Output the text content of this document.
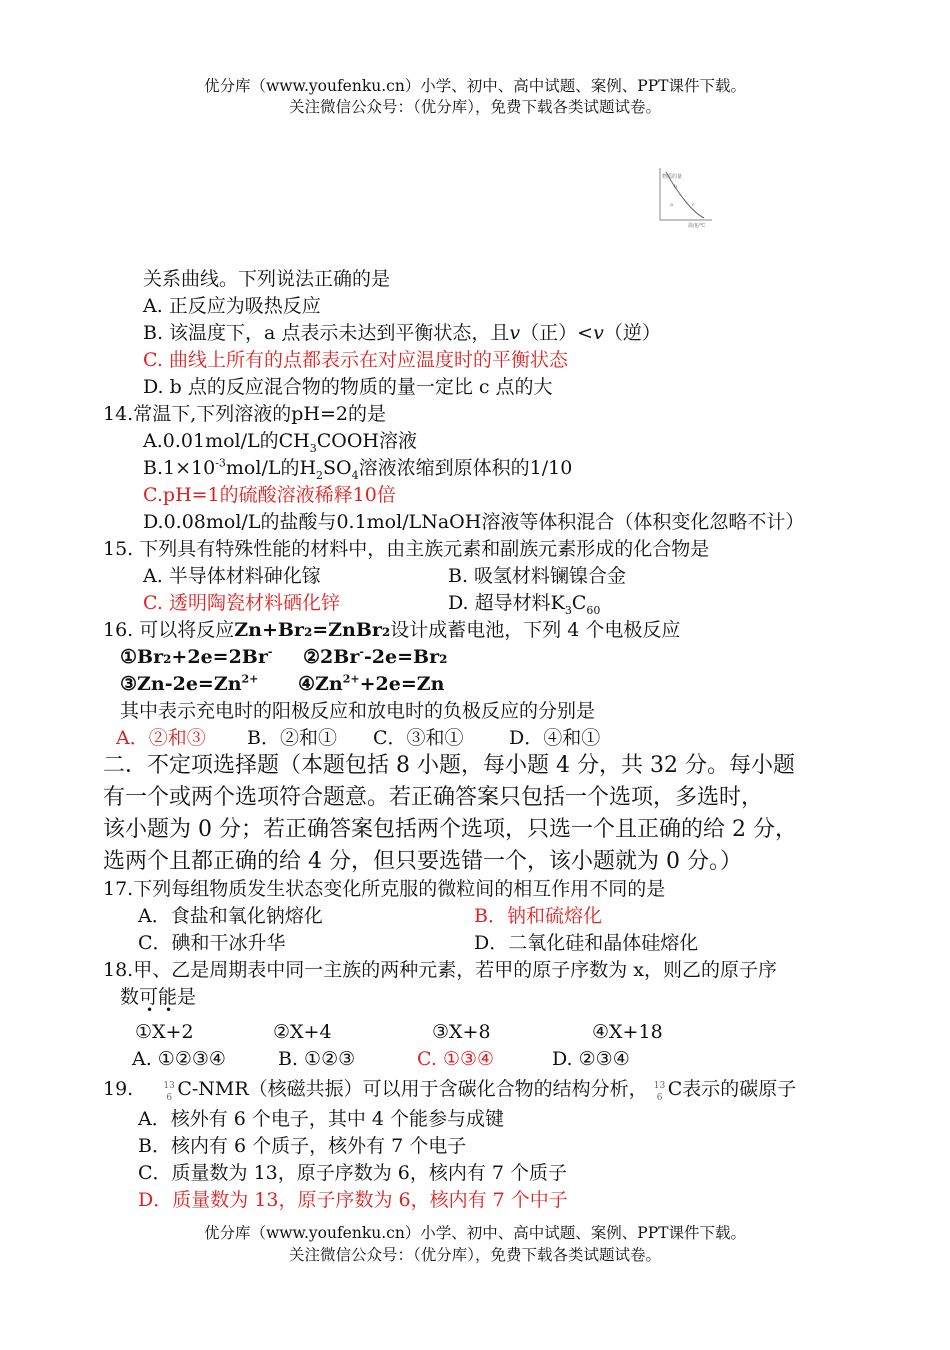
优分库（www.youfenku.cn）小学、初中、高中试题、案例、PPT课件下载。
关注微信公众号：（优分库），免费下载各类试题试卷。
物质的量
温度/℃
b
c
a
关系曲线。下列说法正确的是
A. 正反应为吸热反应
B. 该温度下，a 点表示未达到平衡状态，且v（正）<v（逆）
C. 曲线上所有的点都表示在对应温度时的平衡状态
D. b 点的反应混合物的物质的量一定比 c 点的大
14.常温下,下列溶液的pH=2的是
A.0.01mol/L的$CH_3COOH$溶液
$B.1\times 10^{-3}mol/L$的$H_2SO_4$溶液浓缩到原体积的1/10
C.pH=1的硫酸溶液稀释10倍
D.0.08mol/L的盐酸与0.1mol/LNaOH溶液等体积混合（体积变化忽略不计）
15. 下列具有特殊性能的材料中，由主族元素和副族元素形成的化合物是
A. 半导体材料砷化镓	B. 吸氢材料镧镍合金
C. 透明陶瓷材料硒化锌	D. 超导材料$K_3C_{60}$
16. 可以将反应Zn+Br₂=ZnBr₂设计成蓄电池，下列 4 个电极反应
①Br₂+2e=2Br- ②2Br--2e=Br₂
③Zn-$2e=Zn^{2+}$ $④Zn^{2+}+2e=Zn$
其中表示充电时的阳极反应和放电时的负极反应的分别是
A．②和③ B．②和① C．③和① D．④和①
二．不定项选择题（本题包括 8 小题，每小题 4 分，共 32 分。每小题
有一个或两个选项符合题意。若正确答案只包括一个选项，多选时，
该小题为 0 分；若正确答案包括两个选项，只选一个且正确的给 2 分，
选两个且都正确的给 4 分，但只要选错一个，该小题就为 0 分。）
17.下列每组物质发生状态变化所克服的微粒间的相互作用不同的是
A．食盐和氧化钠熔化	B．钠和硫熔化
C．碘和干冰升华	D．二氧化硅和晶体硅熔化
18.甲、乙是周期表中同一主族的两种元素，若甲的原子序数为 x，则乙的原子序
数可能是
①X+2	②X+4	③X+8	④X+18
A. ①②③④	B. ①②③	C. ①③④	D. ②③④
19.	13
6 C-NMR（核磁共振）可以用于含碳化合物的结构分析， 13
6 C表示的碳原子
A．核外有 6 个电子，其中 4 个能参与成键
B．核内有 6 个质子，核外有 7 个电子
C．质量数为 13，原子序数为 6，核内有 7 个质子
D．质量数为 13，原子序数为 6，核内有 7 个中子
优分库（www.youfenku.cn）小学、初中、高中试题、案例、PPT课件下载。
关注微信公众号：（优分库），免费下载各类试题试卷。
